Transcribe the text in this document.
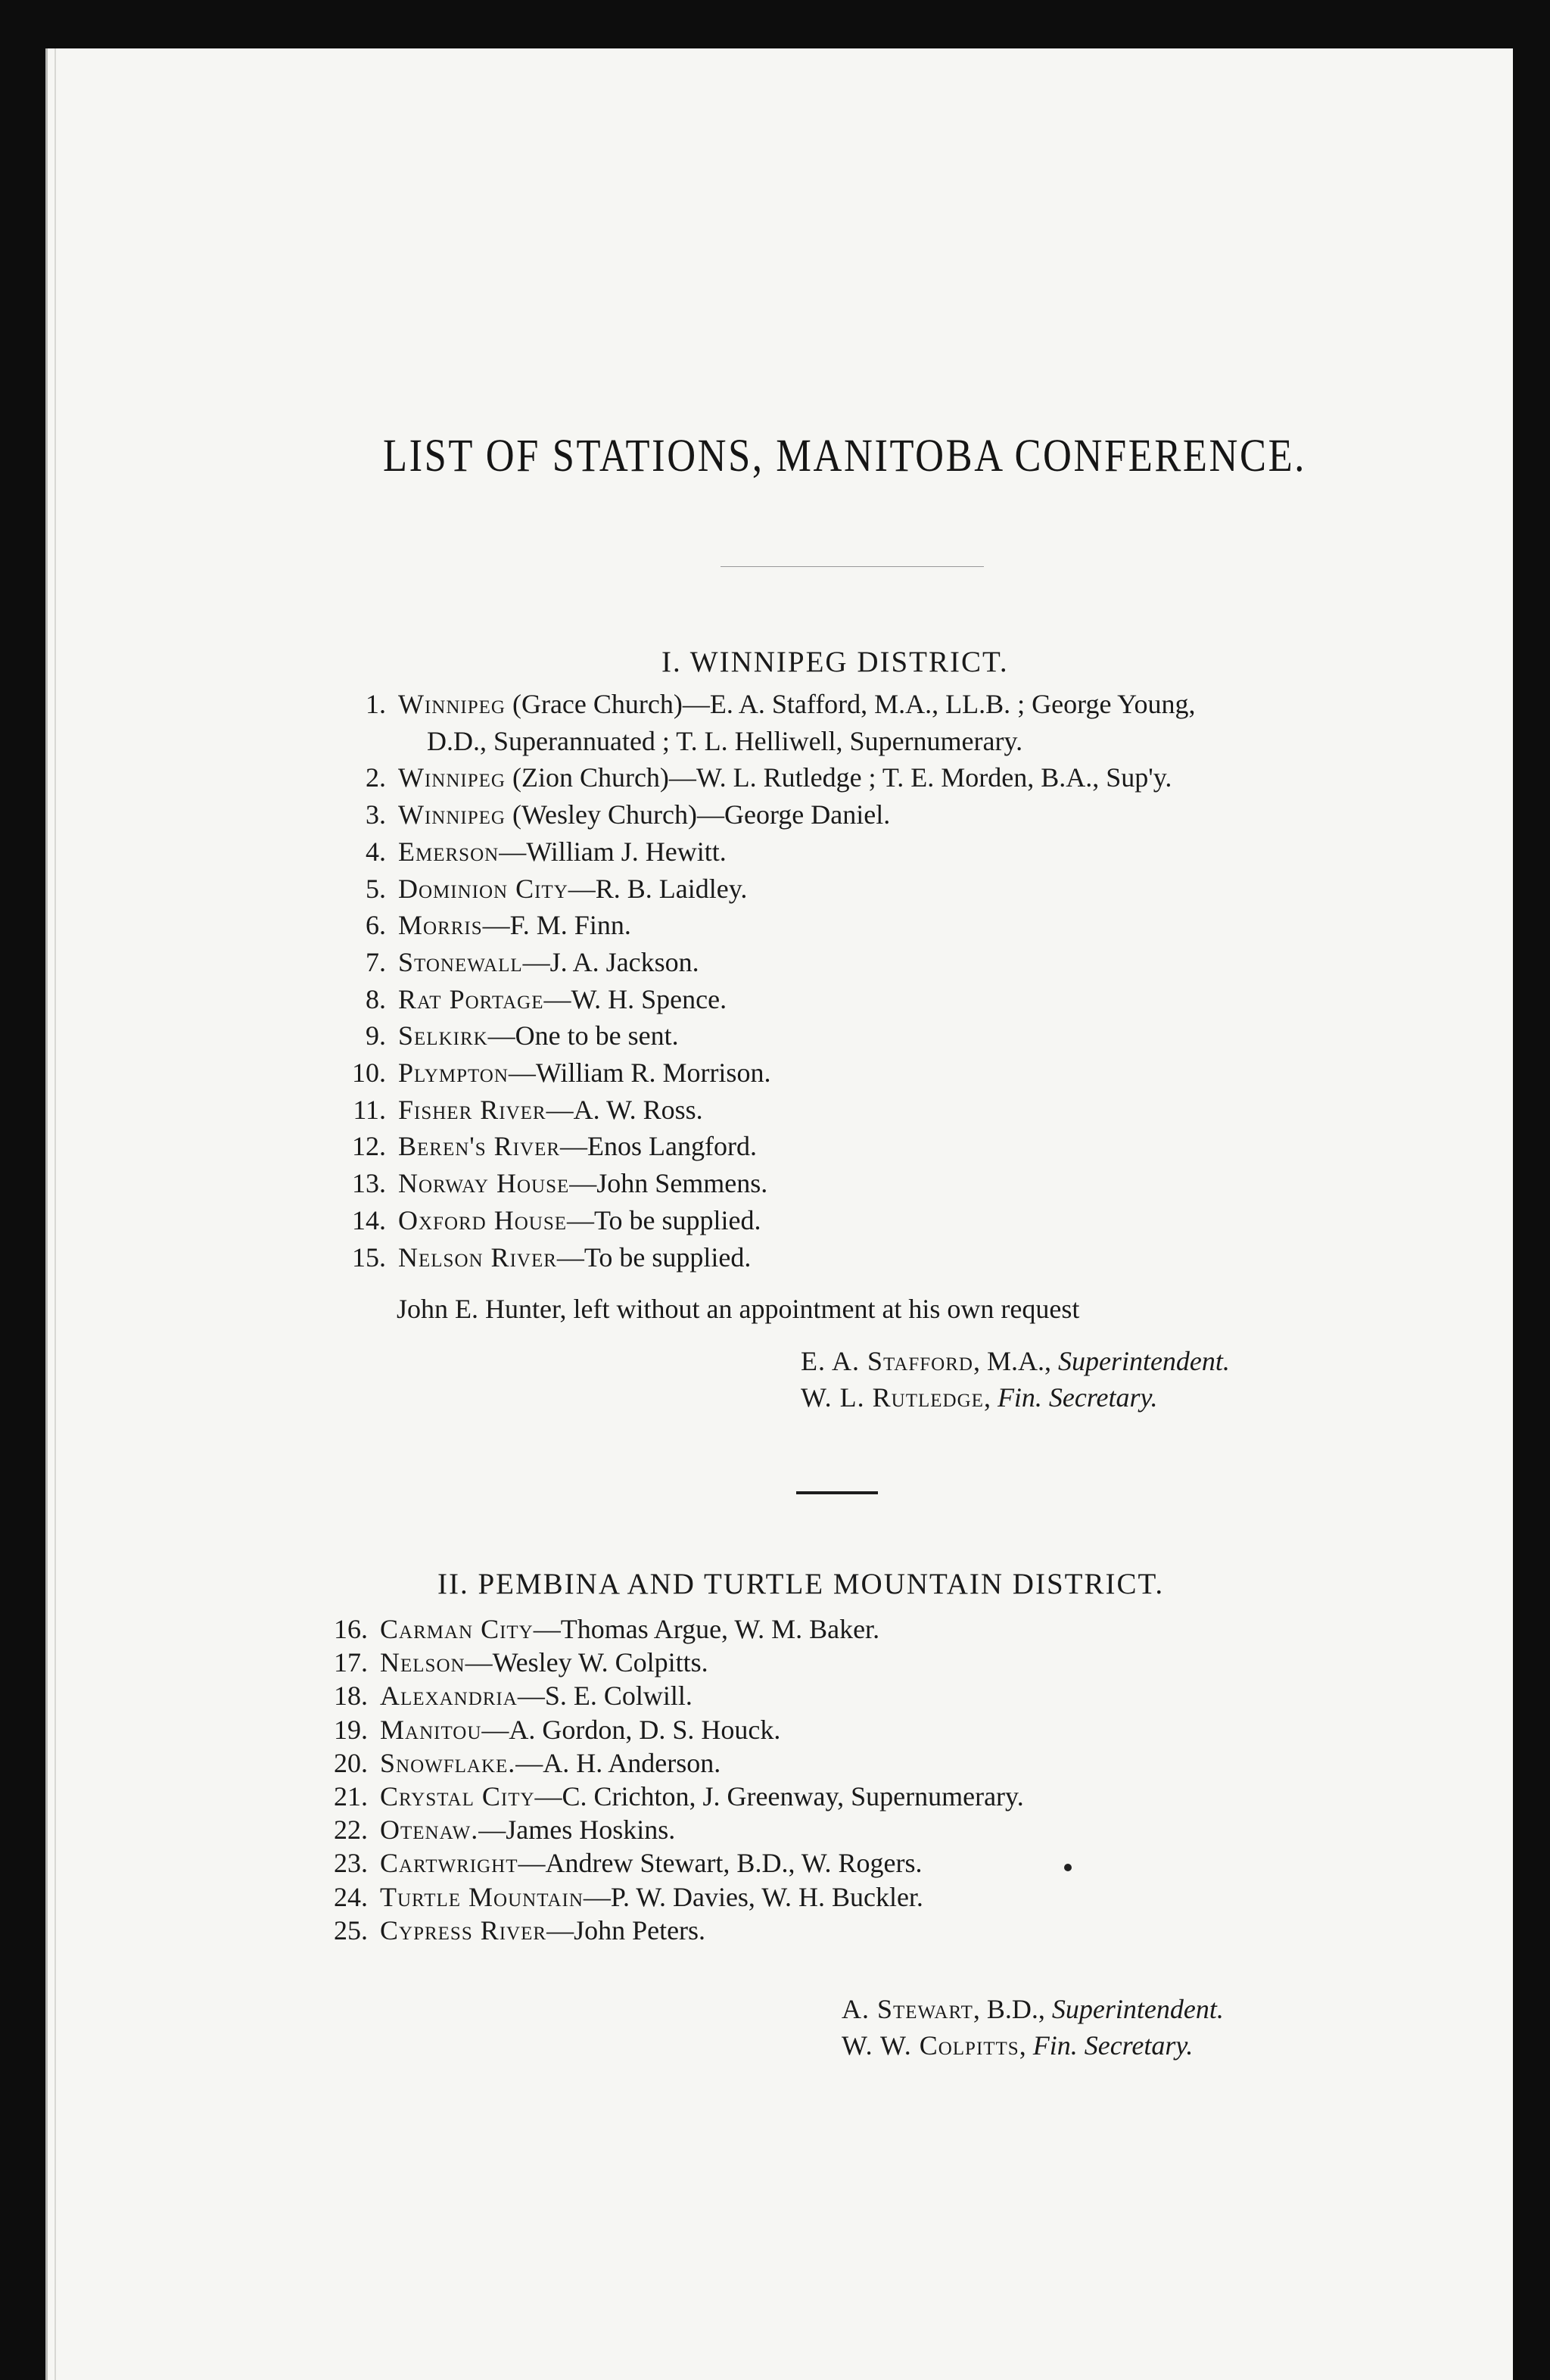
LIST OF STATIONS, MANITOBA CONFERENCE.
I. WINNIPEG DISTRICT.
1. Winnipeg (Grace Church)—E. A. Stafford, M.A., LL.B. ; George Young,
D.D., Superannuated ; T. L. Helliwell, Supernumerary.
2. Winnipeg (Zion Church)—W. L. Rutledge ; T. E. Morden, B.A., Sup'y.
3. Winnipeg (Wesley Church)—George Daniel.
4. Emerson—William J. Hewitt.
5. Dominion City—R. B. Laidley.
6. Morris—F. M. Finn.
7. Stonewall—J. A. Jackson.
8. Rat Portage—W. H. Spence.
9. Selkirk—One to be sent.
10. Plympton—William R. Morrison.
11. Fisher River—A. W. Ross.
12. Beren's River—Enos Langford.
13. Norway House—John Semmens.
14. Oxford House—To be supplied.
15. Nelson River—To be supplied.
John E. Hunter, left without an appointment at his own request
E. A. Stafford, M.A., Superintendent.
W. L. Rutledge, Fin. Secretary.
II. PEMBINA AND TURTLE MOUNTAIN DISTRICT.
16. Carman City—Thomas Argue, W. M. Baker.
17. Nelson—Wesley W. Colpitts.
18. Alexandria—S. E. Colwill.
19. Manitou—A. Gordon, D. S. Houck.
20. Snowflake.—A. H. Anderson.
21. Crystal City—C. Crichton, J. Greenway, Supernumerary.
22. Otenaw.—James Hoskins.
23. Cartwright—Andrew Stewart, B.D., W. Rogers.
24. Turtle Mountain—P. W. Davies, W. H. Buckler.
25. Cypress River—John Peters.
A. Stewart, B.D., Superintendent.
W. W. Colpitts, Fin. Secretary.
